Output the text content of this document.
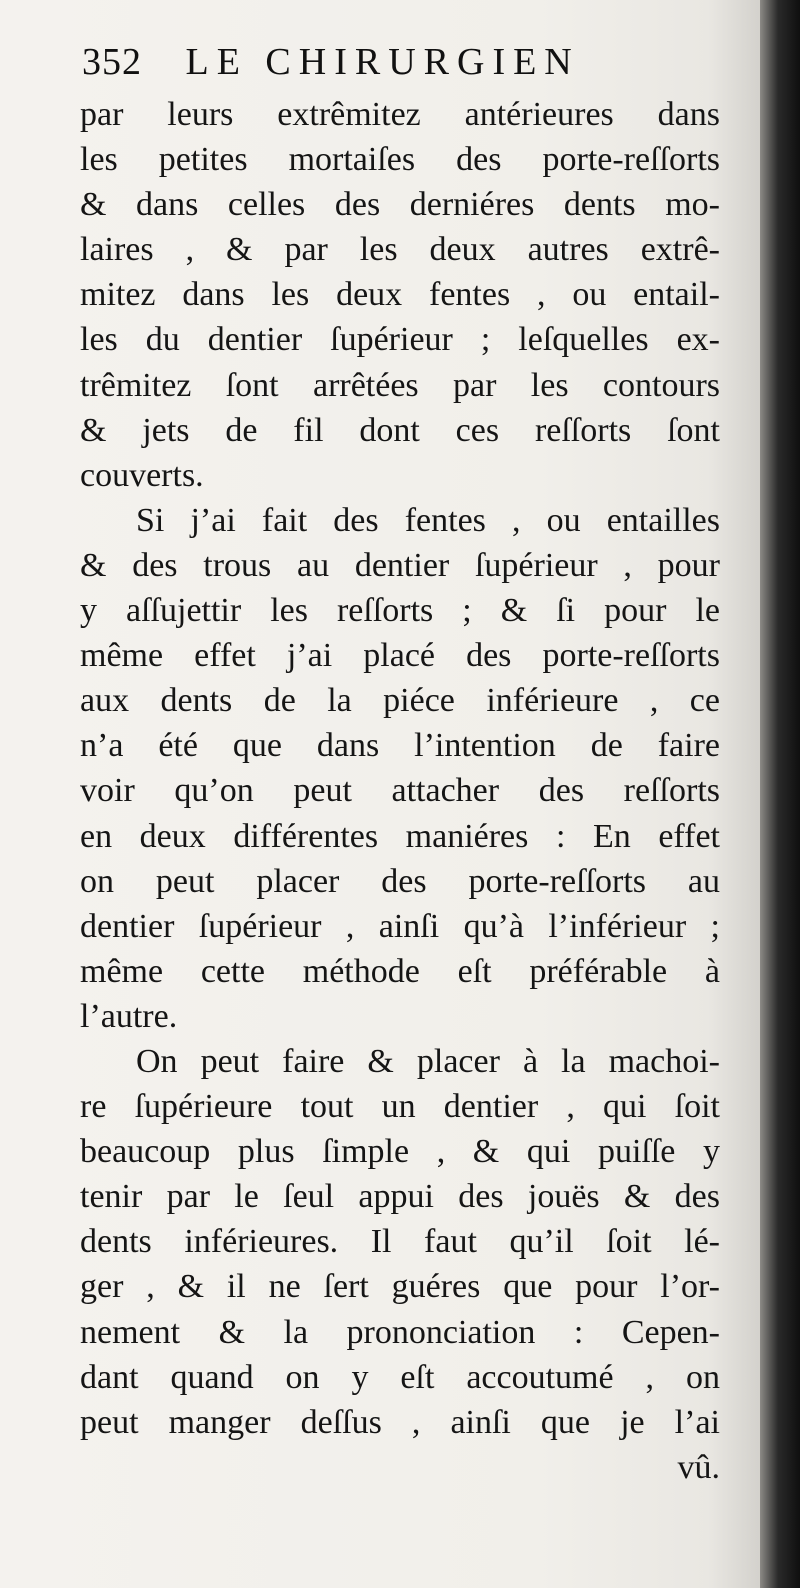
352 LE CHIRURGIEN
par leurs extrêmitez antérieures dans
les petites mortaiſes des porte-reſſorts
& dans celles des derniéres dents mo-
laires , & par les deux autres extrê-
mitez dans les deux fentes , ou entail-
les du dentier ſupérieur ; leſquelles ex-
trêmitez ſont arrêtées par les contours
& jets de fil dont ces reſſorts ſont
couverts.
Si j’ai fait des fentes , ou entailles
& des trous au dentier ſupérieur , pour
y aſſujettir les reſſorts ; & ſi pour le
même effet j’ai placé des porte-reſſorts
aux dents de la piéce inférieure , ce
n’a été que dans l’intention de faire
voir qu’on peut attacher des reſſorts
en deux différentes maniéres : En effet
on peut placer des porte-reſſorts au
dentier ſupérieur , ainſi qu’à l’inférieur ;
même cette méthode eſt préférable à
l’autre.
On peut faire & placer à la machoi-
re ſupérieure tout un dentier , qui ſoit
beaucoup plus ſimple , & qui puiſſe y
tenir par le ſeul appui des jouës & des
dents inférieures. Il faut qu’il ſoit lé-
ger , & il ne ſert guéres que pour l’or-
nement & la prononciation : Cepen-
dant quand on y eſt accoutumé , on
peut manger deſſus , ainſi que je l’ai
vû.
